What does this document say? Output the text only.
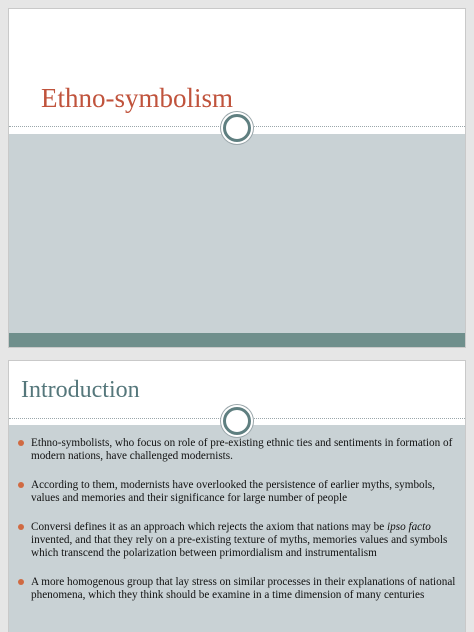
Ethno-symbolism
Introduction
Ethno-symbolists, who focus on role of pre-existing ethnic ties and sentiments in formation of modern nations, have challenged modernists.
According to them, modernists have overlooked the persistence of earlier myths, symbols, values and memories and their significance for large number of people
Conversi defines it as an approach which rejects the axiom that nations may be ipso facto invented, and that they rely on a pre-existing texture of myths, memories values and symbols which transcend the polarization between primordialism and instrumentalism
A more homogenous group that lay stress on similar processes in their explanations of national phenomena, which they think should be examine in a time dimension of many centuries
